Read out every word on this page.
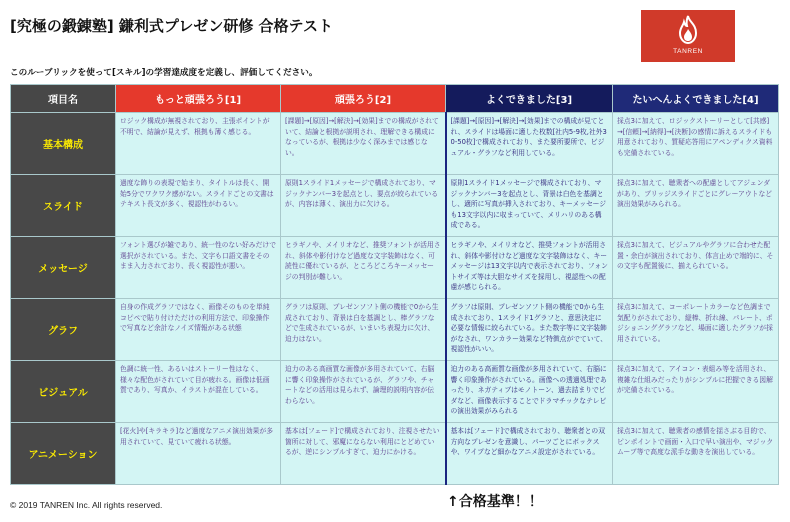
[究極の鍛錬塾] 鎌利式プレゼン研修 合格テスト
TANREN
このルーブリックを使って[スキル]の学習達成度を定義し、評価してください。
項目名	もっと頑張ろう[1]	頑張ろう[2]	よくできました[3]	たいへんよくできました[4]
基本構成	ロジック構成が無視されており、主張ポイントが不明で、結論が見えず、根拠も薄く感じる。	[課題]→[原因]→[解決]→[効果]までの構成がされていて、結論と根拠が説明され、理解できる構成になっているが、根拠は少なく深みまでは感じない。	[課題]→[原因]→[解決]→[効果]までの構成が見てとれ、スライドは場面に適した枚数[社内5-9枚,社外30-50枚]で構成されており、また要所要所で、ビジュアル・グラフなど利用している。	採点3に加えて、ロジックストーリーとして[共感]→[信頼]→[納得]→[決断]の感情に訴えるスライドも用意されており、質疑応答用にアペンディクス資料も完備されている。

スライド	過度な飾りの表現で始まり、タイトルは長く、開始5分でワクワク感がない。スライドごとの文書はテキスト長文が多く、視認性がわるい。	原則1スライド1メッセージで構成されており、マジックナンバー3を起点とし、要点が絞られているが、内容は薄く、演出力に欠ける。	原則1スライド1メッセージで構成されており、マジックナンバー3を起点とし、背景は白色を基調とし、適所に写真が挿入されており、キーメッセージも13文字以内に収まっていて、メリハリのある構成である。	採点3に加えて、聴衆者への配慮としてアジェンダがあり、ブリッジスライドごとにグレーアウトなど演出効果がみられる。

メッセージ	フォント選びが雑であり、統一性のない好みだけで選択がされている。また、文字も口語文書をそのまま入力されており、長く視認性が悪い。	ヒラギノや、メイリオなど、推奨フォントが活用され、斜体や影付けなど過度な文字装飾はなく、可読性に優れているが、ところどころキーメッセージの判別が難しい。	ヒラギノや、メイリオなど、推奨フォントが活用され、斜体や影付けなど過度な文字装飾はなく、キーメッセージは13文字以内で表示されており、フォントサイズ等は大胆なサイズを採用し、視認性への配慮が感じられる。	採点3に加えて、ビジュアルやグラフに合わせた配置・余白が演出されており、体言止めで端的に、その文字も配置後に、揃えられている。

グラフ	自身の作成グラフではなく、画像そのものを単純コピペで貼り付けただけの利用方法で、印象操作で写真など余計なノイズ情報がある状態	グラフは原則、プレゼンソフト側の機能で0から生成されており、背景は白を基調とし、棒グラフなどで生成されているが、いまいち表現力に欠け、迫力はない。	グラフは原則、プレゼンソフト側の機能で0から生成されており、1スライド1グラフと、意思決定に必要な情報に絞られている。また数字等に文字装飾がなされ、ワンカラー効果など特徴点がでていて、視認性がいい。	採点3に加えて、コーポレートカラーなど色調まで気配りがされており、縦棒、折れ線、パレート、ポジショニンググラフなど、場面に適したグラフが採用されている。

ビジュアル	色調に統一性、あるいはストーリー性はなく、様々な配色がされていて目が疲れる。画像は低画質であり、写真か、イラストが混在している。	迫力のある高画質な画像が多用されていて、右脳に響く印象操作がされているが、グラフや、チャートなどの活用は見られず、論理的説明内容が伝わらない。	迫力のある高画質な画像が多用されていて、右脳に響く印象操作がされている。画像への透過処理であったり、ネガティブはモノトーン、過去詰まりでビダなど、画像表示することでドラマチックなテレビの演出効果がみられる	採点3に加えて、アイコン・表組み等を活用され、複雑な仕組みだったりがシンプルに把握できる図解が完備されている。

アニメーション	[花火]や[キラキラ]など過度なアニメ演出効果が多用されていて、見ていて疲れる状態。	基本は[フェード]で構成されており、注視させたい箇所に対して、邪魔にならない利用にとどめているが、逆にシンプルすぎて、迫力にかける。	基本は[フェード]で構成されており、聴衆者との双方向なプレゼンを意識し、パーツごとにボックスや、ワイプなど細かなアニメ設定がされている。	採点3に加えて、聴衆者の感情を揺さぶる目的で、ピンポイントで画面・入口で早い演出や、マジックムーブ等で高度な派手な動きを演出している。
© 2019 TANREN Inc. All rights reserved.	↑合格基準！！
